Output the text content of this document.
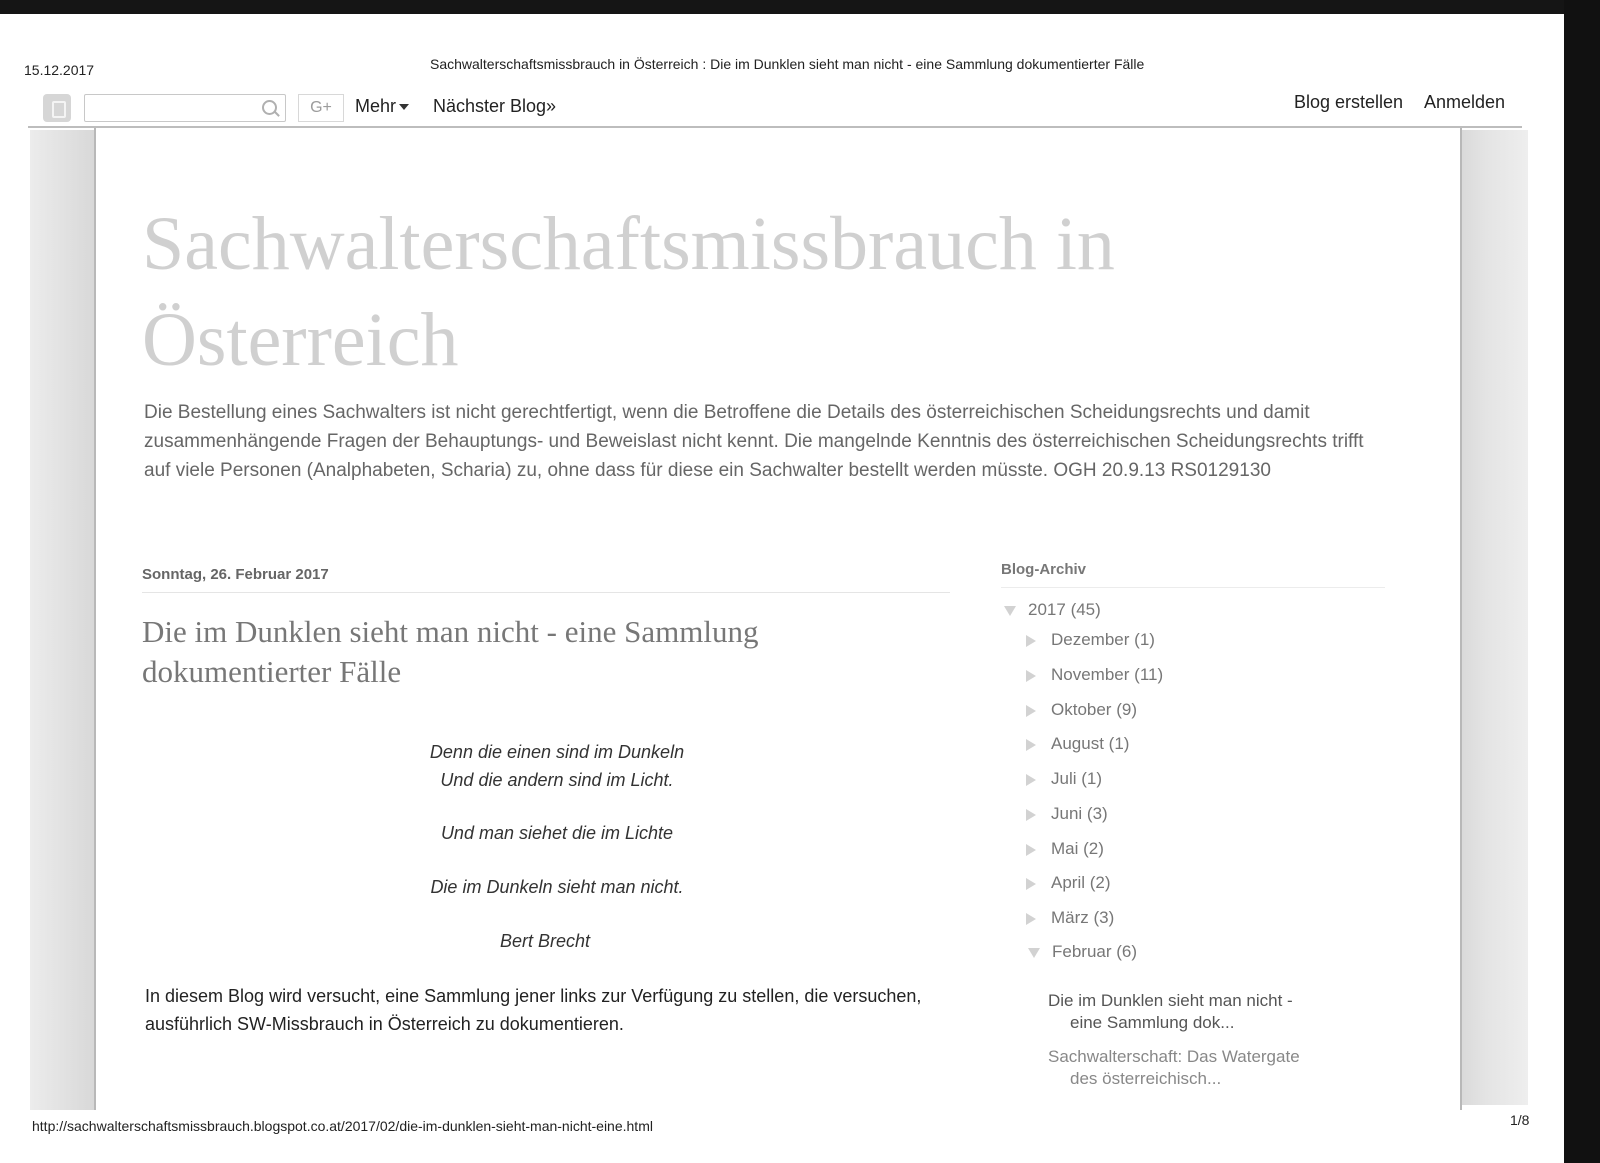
15.12.2017	Sachwalterschaftsmissbrauch in Österreich : Die im Dunklen sieht man nicht - eine Sammlung dokumentierter Fälle
G+	Mehr	Nächster Blog»	Blog erstellen Anmelden
Sachwalterschaftsmissbrauch in Österreich

Die Bestellung eines Sachwalters ist nicht gerechtfertigt, wenn die Betroffene die Details des österreichischen Scheidungsrechts und damit zusammenhängende Fragen der Behauptungs- und Beweislast nicht kennt. Die mangelnde Kenntnis des österreichischen Scheidungsrechts trifft auf viele Personen (Analphabeten, Scharia) zu, ohne dass für diese ein Sachwalter bestellt werden müsste. OGH 20.9.13 RS0129130

Sonntag, 26. Februar 2017
Die im Dunklen sieht man nicht - eine Sammlung dokumentierter Fälle
Denn die einen sind im Dunkeln
Und die andern sind im Licht.
Und man siehet die im Lichte
Die im Dunkeln sieht man nicht.
Bert Brecht

In diesem Blog wird versucht, eine Sammlung jener links zur Verfügung zu stellen, die versuchen, ausführlich SW-Missbrauch in Österreich zu dokumentieren.

Blog-Archiv
2017 (45)
Dezember (1)
November (11)
Oktober (9)
August (1)
Juli (1)
Juni (3)
Mai (2)
April (2)
März (3)
Februar (6)
Die im Dunklen sieht man nicht -
eine Sammlung dok...
Sachwalterschaft: Das Watergate
des österreichisch...
http://sachwalterschaftsmissbrauch.blogspot.co.at/2017/02/die-im-dunklen-sieht-man-nicht-eine.html	1/8
